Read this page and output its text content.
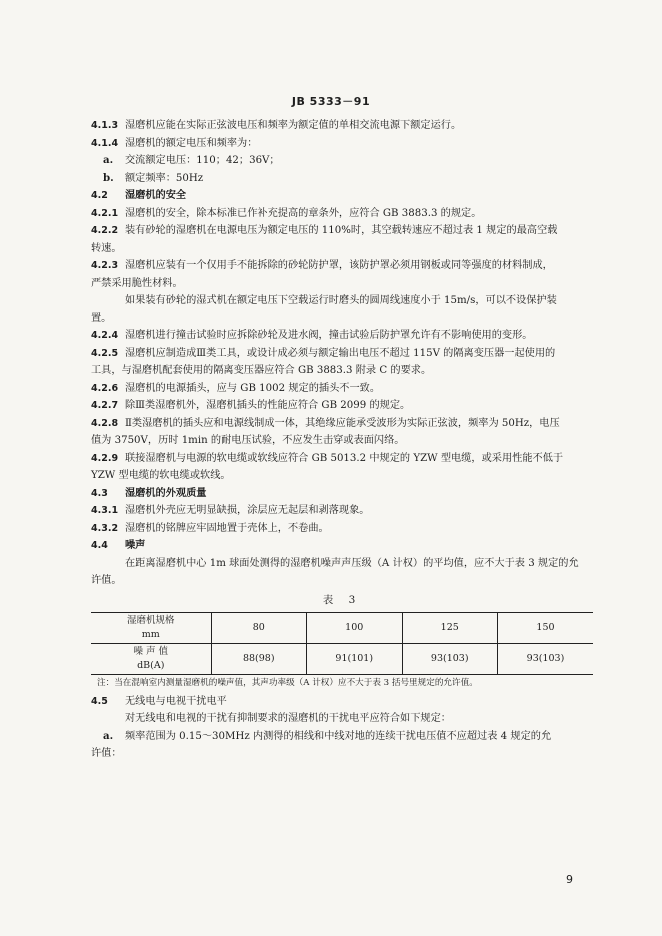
JB 5333－91
4.1.3 湿磨机应能在实际正弦波电压和频率为额定值的单相交流电源下额定运行。
4.1.4 湿磨机的额定电压和频率为：
a. 交流额定电压：110；42；36V；
b. 额定频率：50Hz
4.2 湿磨机的安全
4.2.1 湿磨机的安全，除本标准已作补充提高的章条外，应符合 GB 3883.3 的规定。
4.2.2 装有砂轮的湿磨机在电源电压为额定电压的 110%时，其空载转速应不超过表 1 规定的最高空载
转速。
4.2.3 湿磨机应装有一个仅用手不能拆除的砂轮防护罩，该防护罩必须用钢板或同等强度的材料制成，
严禁采用脆性材料。
如果装有砂轮的湿式机在额定电压下空载运行时磨头的圆周线速度小于 15m/s，可以不设保护装
置。
4.2.4 湿磨机进行撞击试验时应拆除砂轮及进水阀，撞击试验后防护罩允许有不影响使用的变形。
4.2.5 湿磨机应制造成Ⅲ类工具，或设计成必须与额定输出电压不超过 115V 的隔离变压器一起使用的
工具，与湿磨机配套使用的隔离变压器应符合 GB 3883.3 附录 C 的要求。
4.2.6 湿磨机的电源插头，应与 GB 1002 规定的插头不一致。
4.2.7 除Ⅲ类湿磨机外，湿磨机插头的性能应符合 GB 2099 的规定。
4.2.8 Ⅱ类湿磨机的插头应和电源线制成一体，其绝缘应能承受波形为实际正弦波，频率为 50Hz，电压
值为 3750V，历时 1min 的耐电压试验，不应发生击穿或表面闪络。
4.2.9 联接湿磨机与电源的软电缆或软线应符合 GB 5013.2 中规定的 YZW 型电缆，或采用性能不低于
YZW 型电缆的软电缆或软线。
4.3 湿磨机的外观质量
4.3.1 湿磨机外壳应无明显缺损，涂层应无起层和剥落现象。
4.3.2 湿磨机的铭牌应牢固地置于壳体上，不卷曲。
4.4 噪声
在距离湿磨机中心 1m 球面处测得的湿磨机噪声声压级（A 计权）的平均值，应不大于表 3 规定的允
许值。
表 3
湿磨机规格
mm	80	100	125	150
噪 声 值
dB(A)	88(98)	91(101)	93(103)	93(103)
注：当在混响室内测量湿磨机的噪声值，其声功率级（A 计权）应不大于表 3 括号里规定的允许值。
4.5 无线电与电视干扰电平
对无线电和电视的干扰有抑制要求的湿磨机的干扰电平应符合如下规定：
a. 频率范围为 0.15～30MHz 内测得的相线和中线对地的连续干扰电压值不应超过表 4 规定的允
许值：
9
